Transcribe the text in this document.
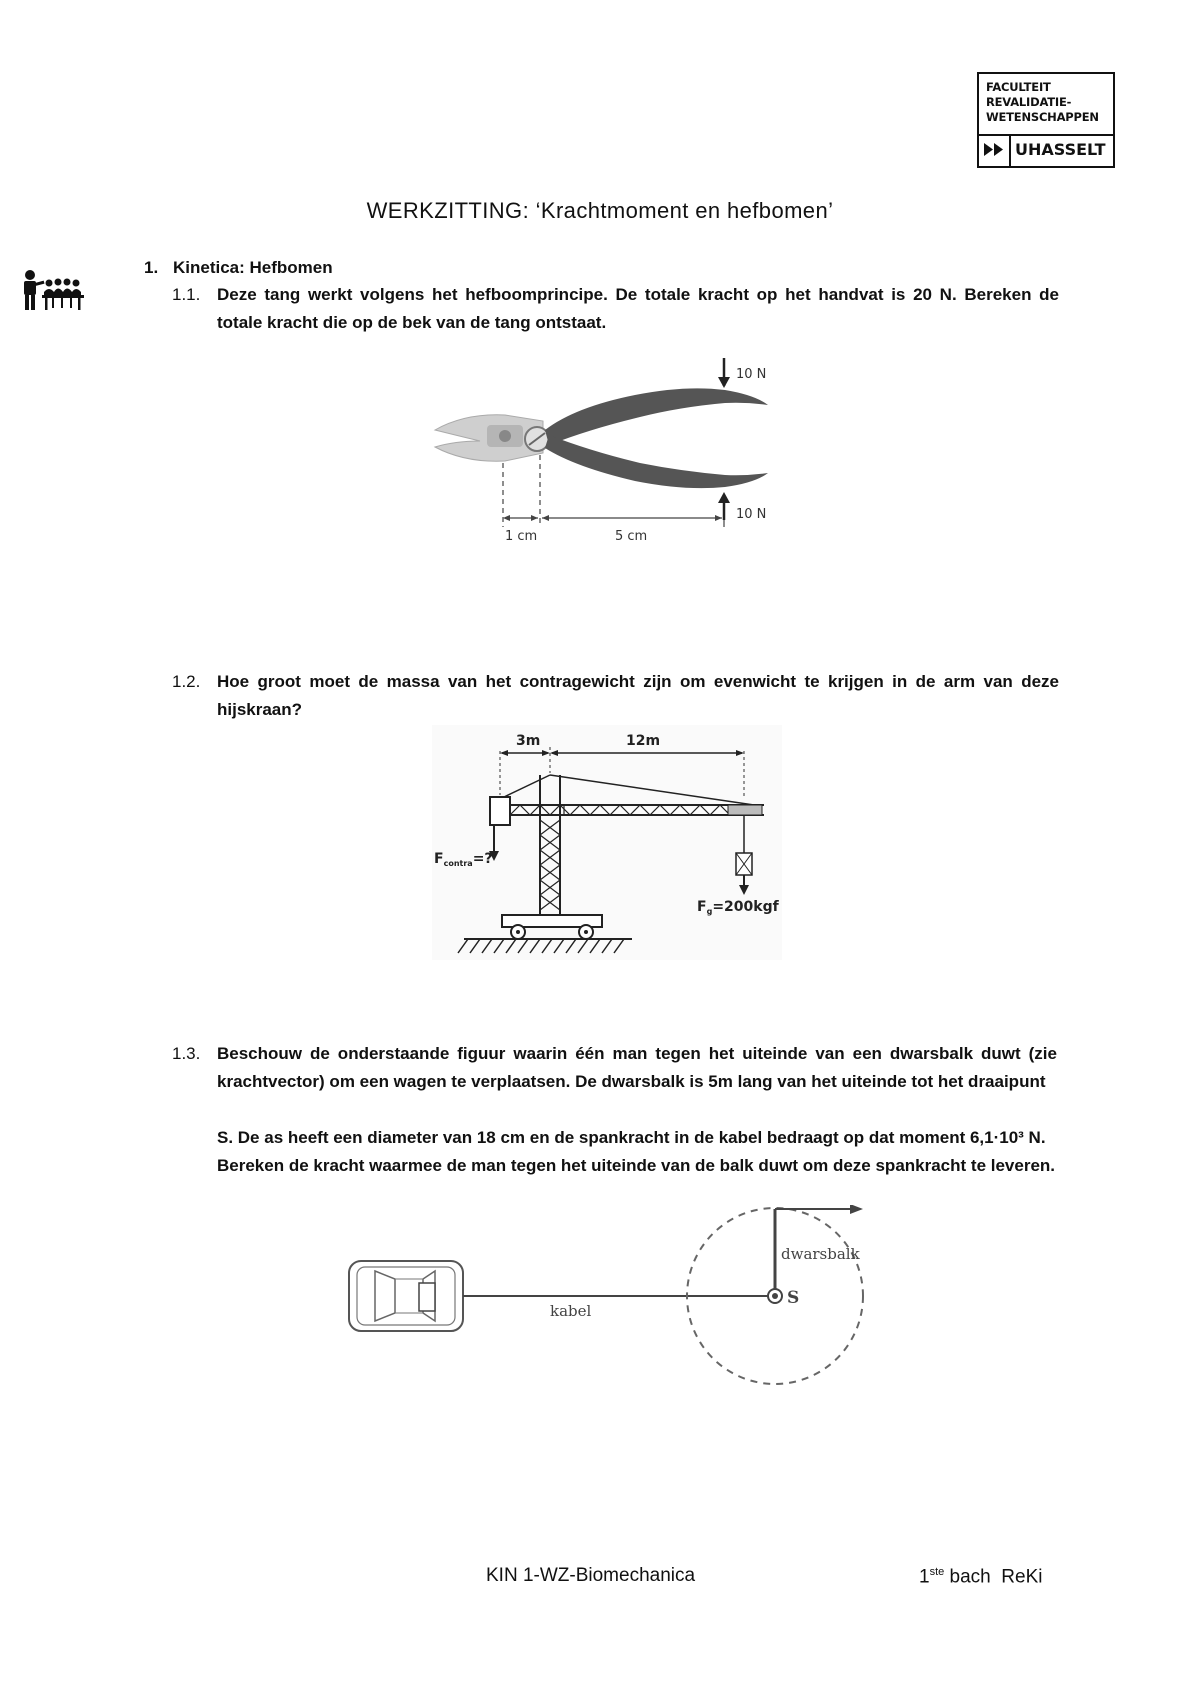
FACULTEIT
REVALIDATIE-
WETENSCHAPPEN
UHASSELT
WERKZITTING: ‘Krachtmoment en hefbomen’
1. Kinetica: Hefbomen
1.1. Deze tang werkt volgens het hefboomprincipe. De totale kracht op het handvat is 20 N. Bereken de totale kracht die op de bek van de tang ontstaat.
10 N
10 N
1 cm	5 cm
1.2. Hoe groot moet de massa van het contragewicht zijn om evenwicht te krijgen in de arm van deze hijskraan?
3m	12m
$F_{contra}=$?
$F_g=200kgf$
1.3. Beschouw de onderstaande figuur waarin één man tegen het uiteinde van een dwarsbalk duwt (zie krachtvector) om een wagen te verplaatsen. De dwarsbalk is 5m lang van het uiteinde tot het draaipunt
S. De as heeft een diameter van 18 cm en de spankracht in de kabel bedraagt op dat moment 6,1·10³ N. Bereken de kracht waarmee de man tegen het uiteinde van de balk duwt om deze spankracht te leveren.
kabel
dwarsbalk
S
KIN 1-WZ-Biomechanica	1ste bach  ReKi
